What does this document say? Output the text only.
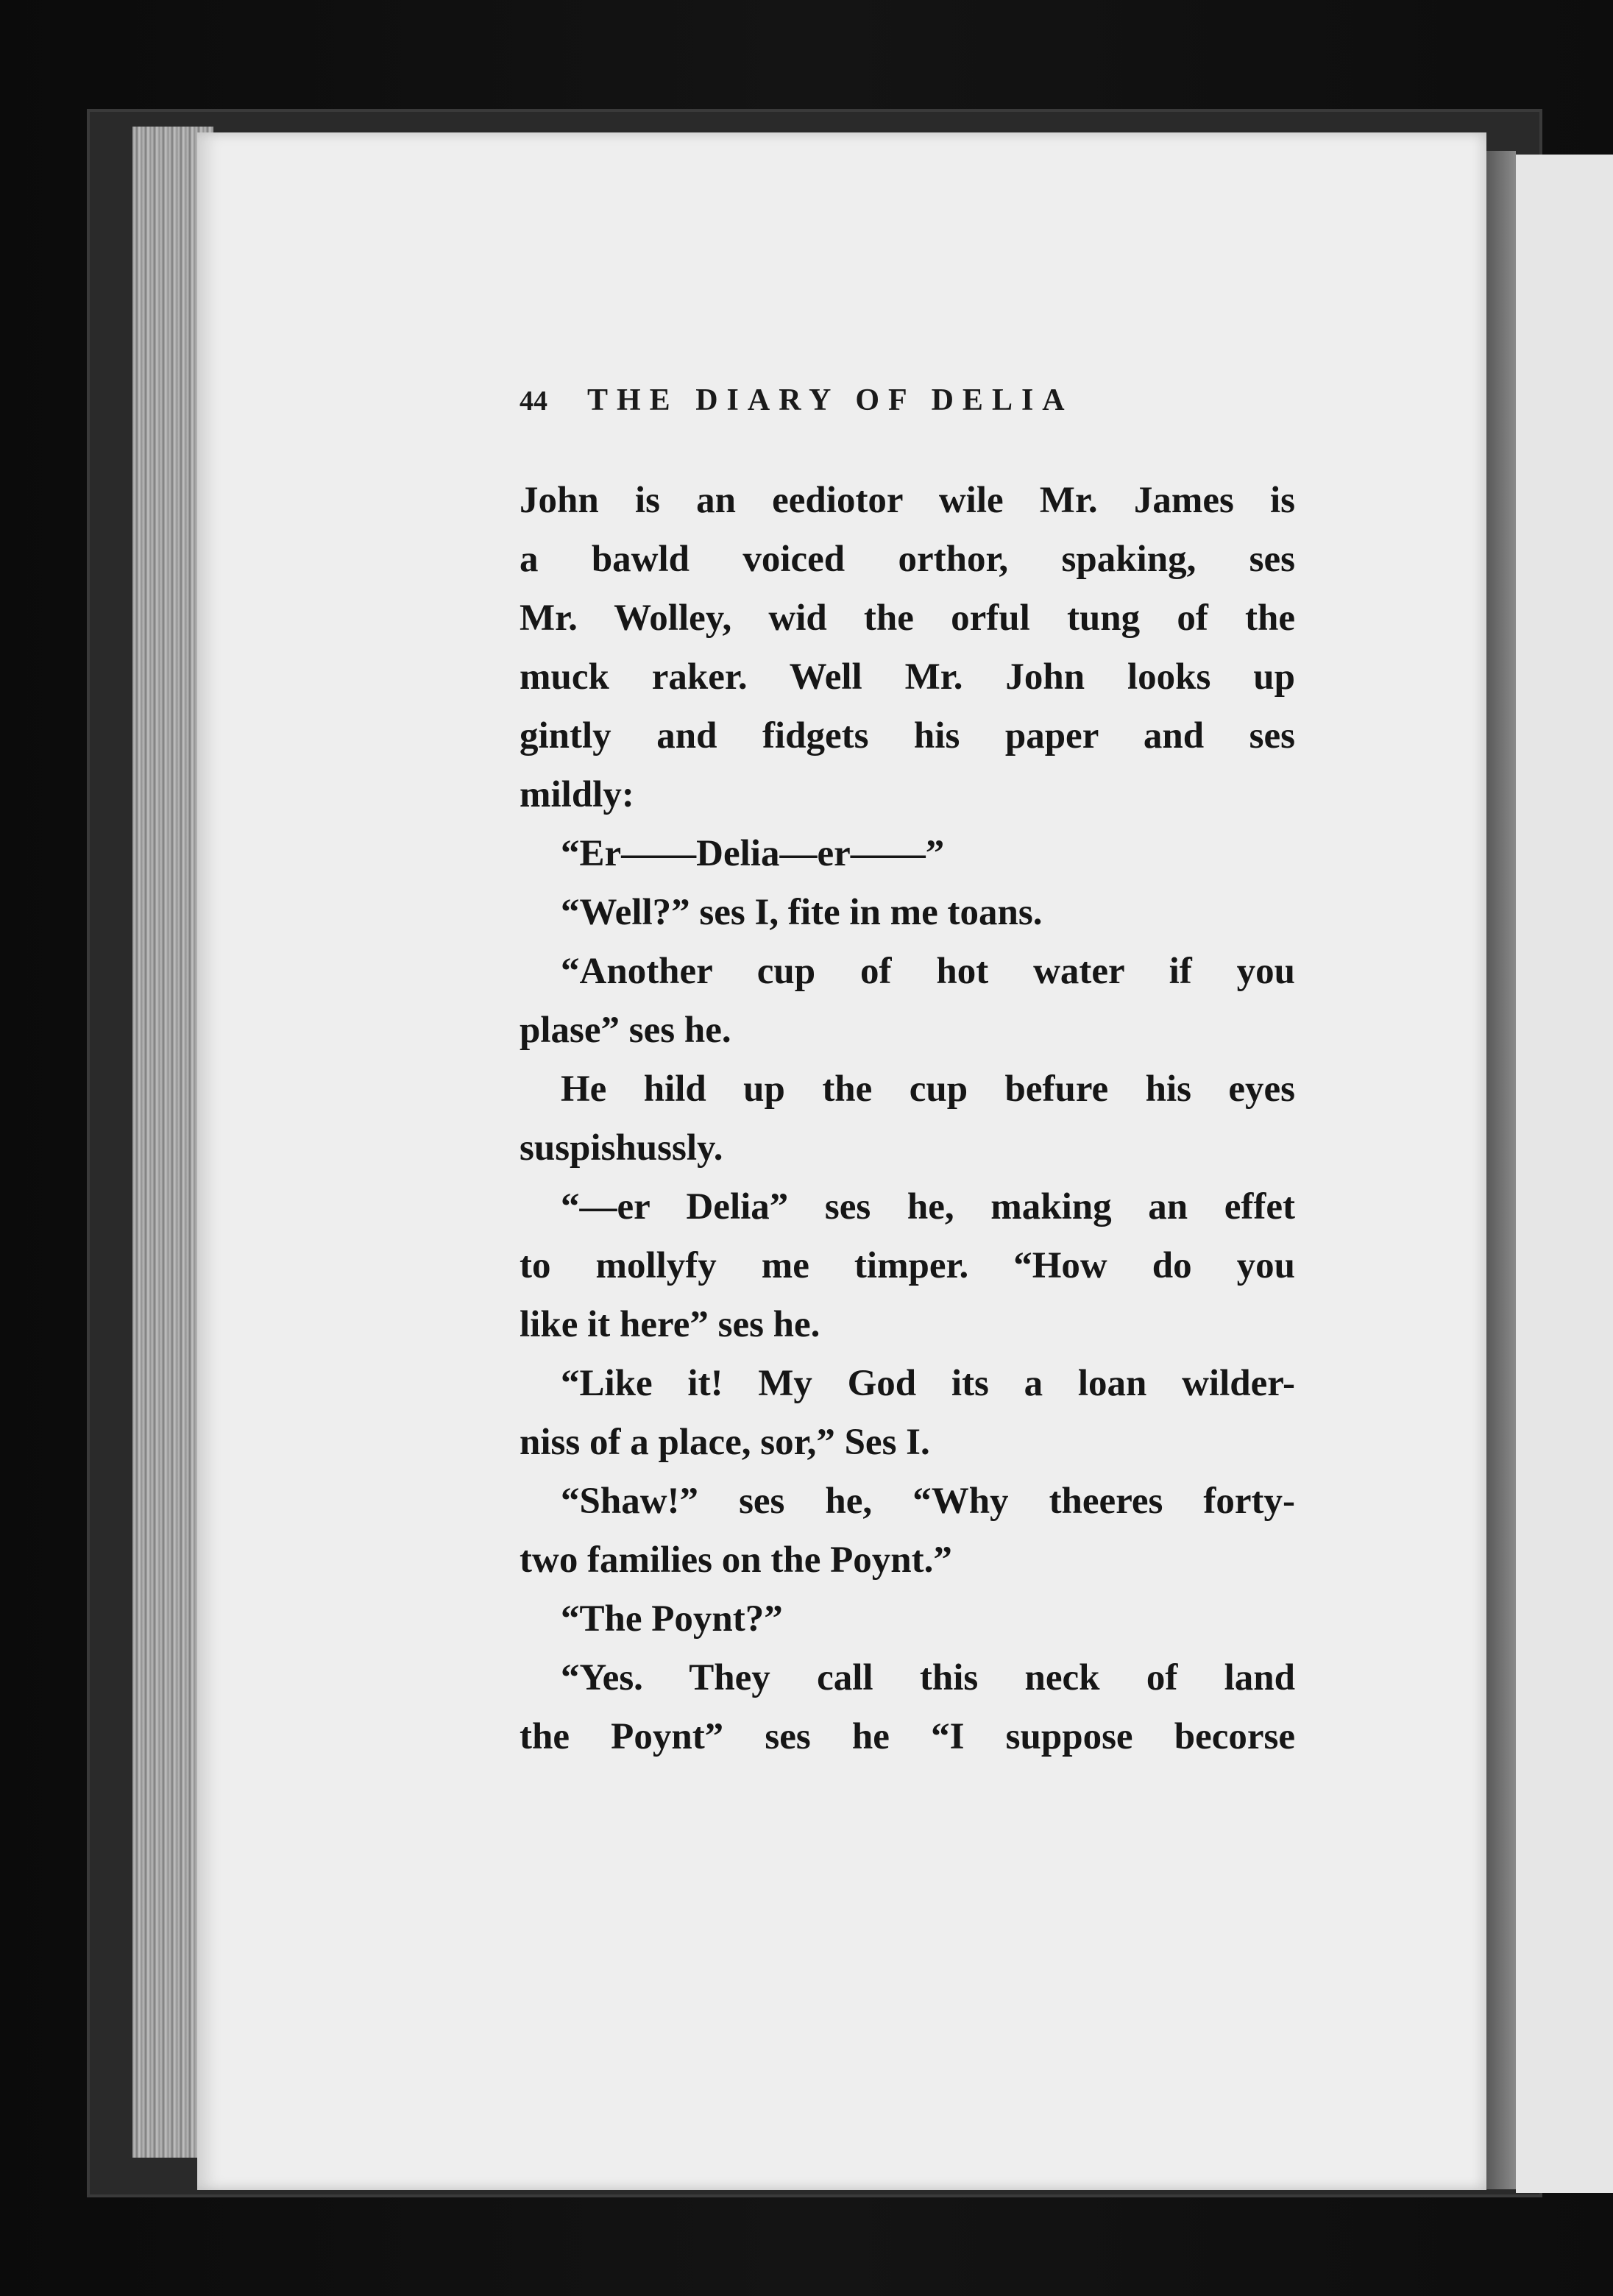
44	THE DIARY OF DELIA
John is an eediotor wile Mr. James is
a bawld voiced orthor, spaking, ses
Mr. Wolley, wid the orful tung of the
muck raker. Well Mr. John looks up
gintly and fidgets his paper and ses
mildly:
“Er——Delia—er——”
“Well?” ses I, fite in me toans.
“Another cup of hot water if you
plase” ses he.
He hild up the cup befure his eyes
suspishussly.
“—er Delia” ses he, making an effet
to mollyfy me timper. “How do you
like it here” ses he.
“Like it! My God its a loan wilder-
niss of a place, sor,” Ses I.
“Shaw!” ses he, “Why theeres forty-
two families on the Poynt.”
“The Poynt?”
“Yes. They call this neck of land
the Poynt” ses he “I suppose becorse
